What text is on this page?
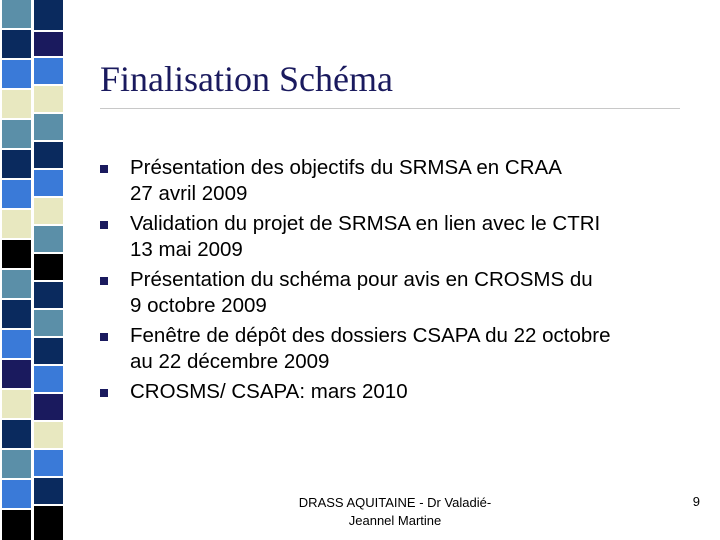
Finalisation Schéma
Présentation des objectifs du SRMSA en CRAA
27 avril 2009
Validation du projet de SRMSA en lien avec le CTRI
13 mai 2009
Présentation du schéma pour avis en CROSMS du
9 octobre 2009
Fenêtre de dépôt des dossiers CSAPA du 22 octobre
au 22 décembre 2009
CROSMS/ CSAPA: mars 2010
DRASS AQUITAINE - Dr Valadié-
Jeannel Martine
9
